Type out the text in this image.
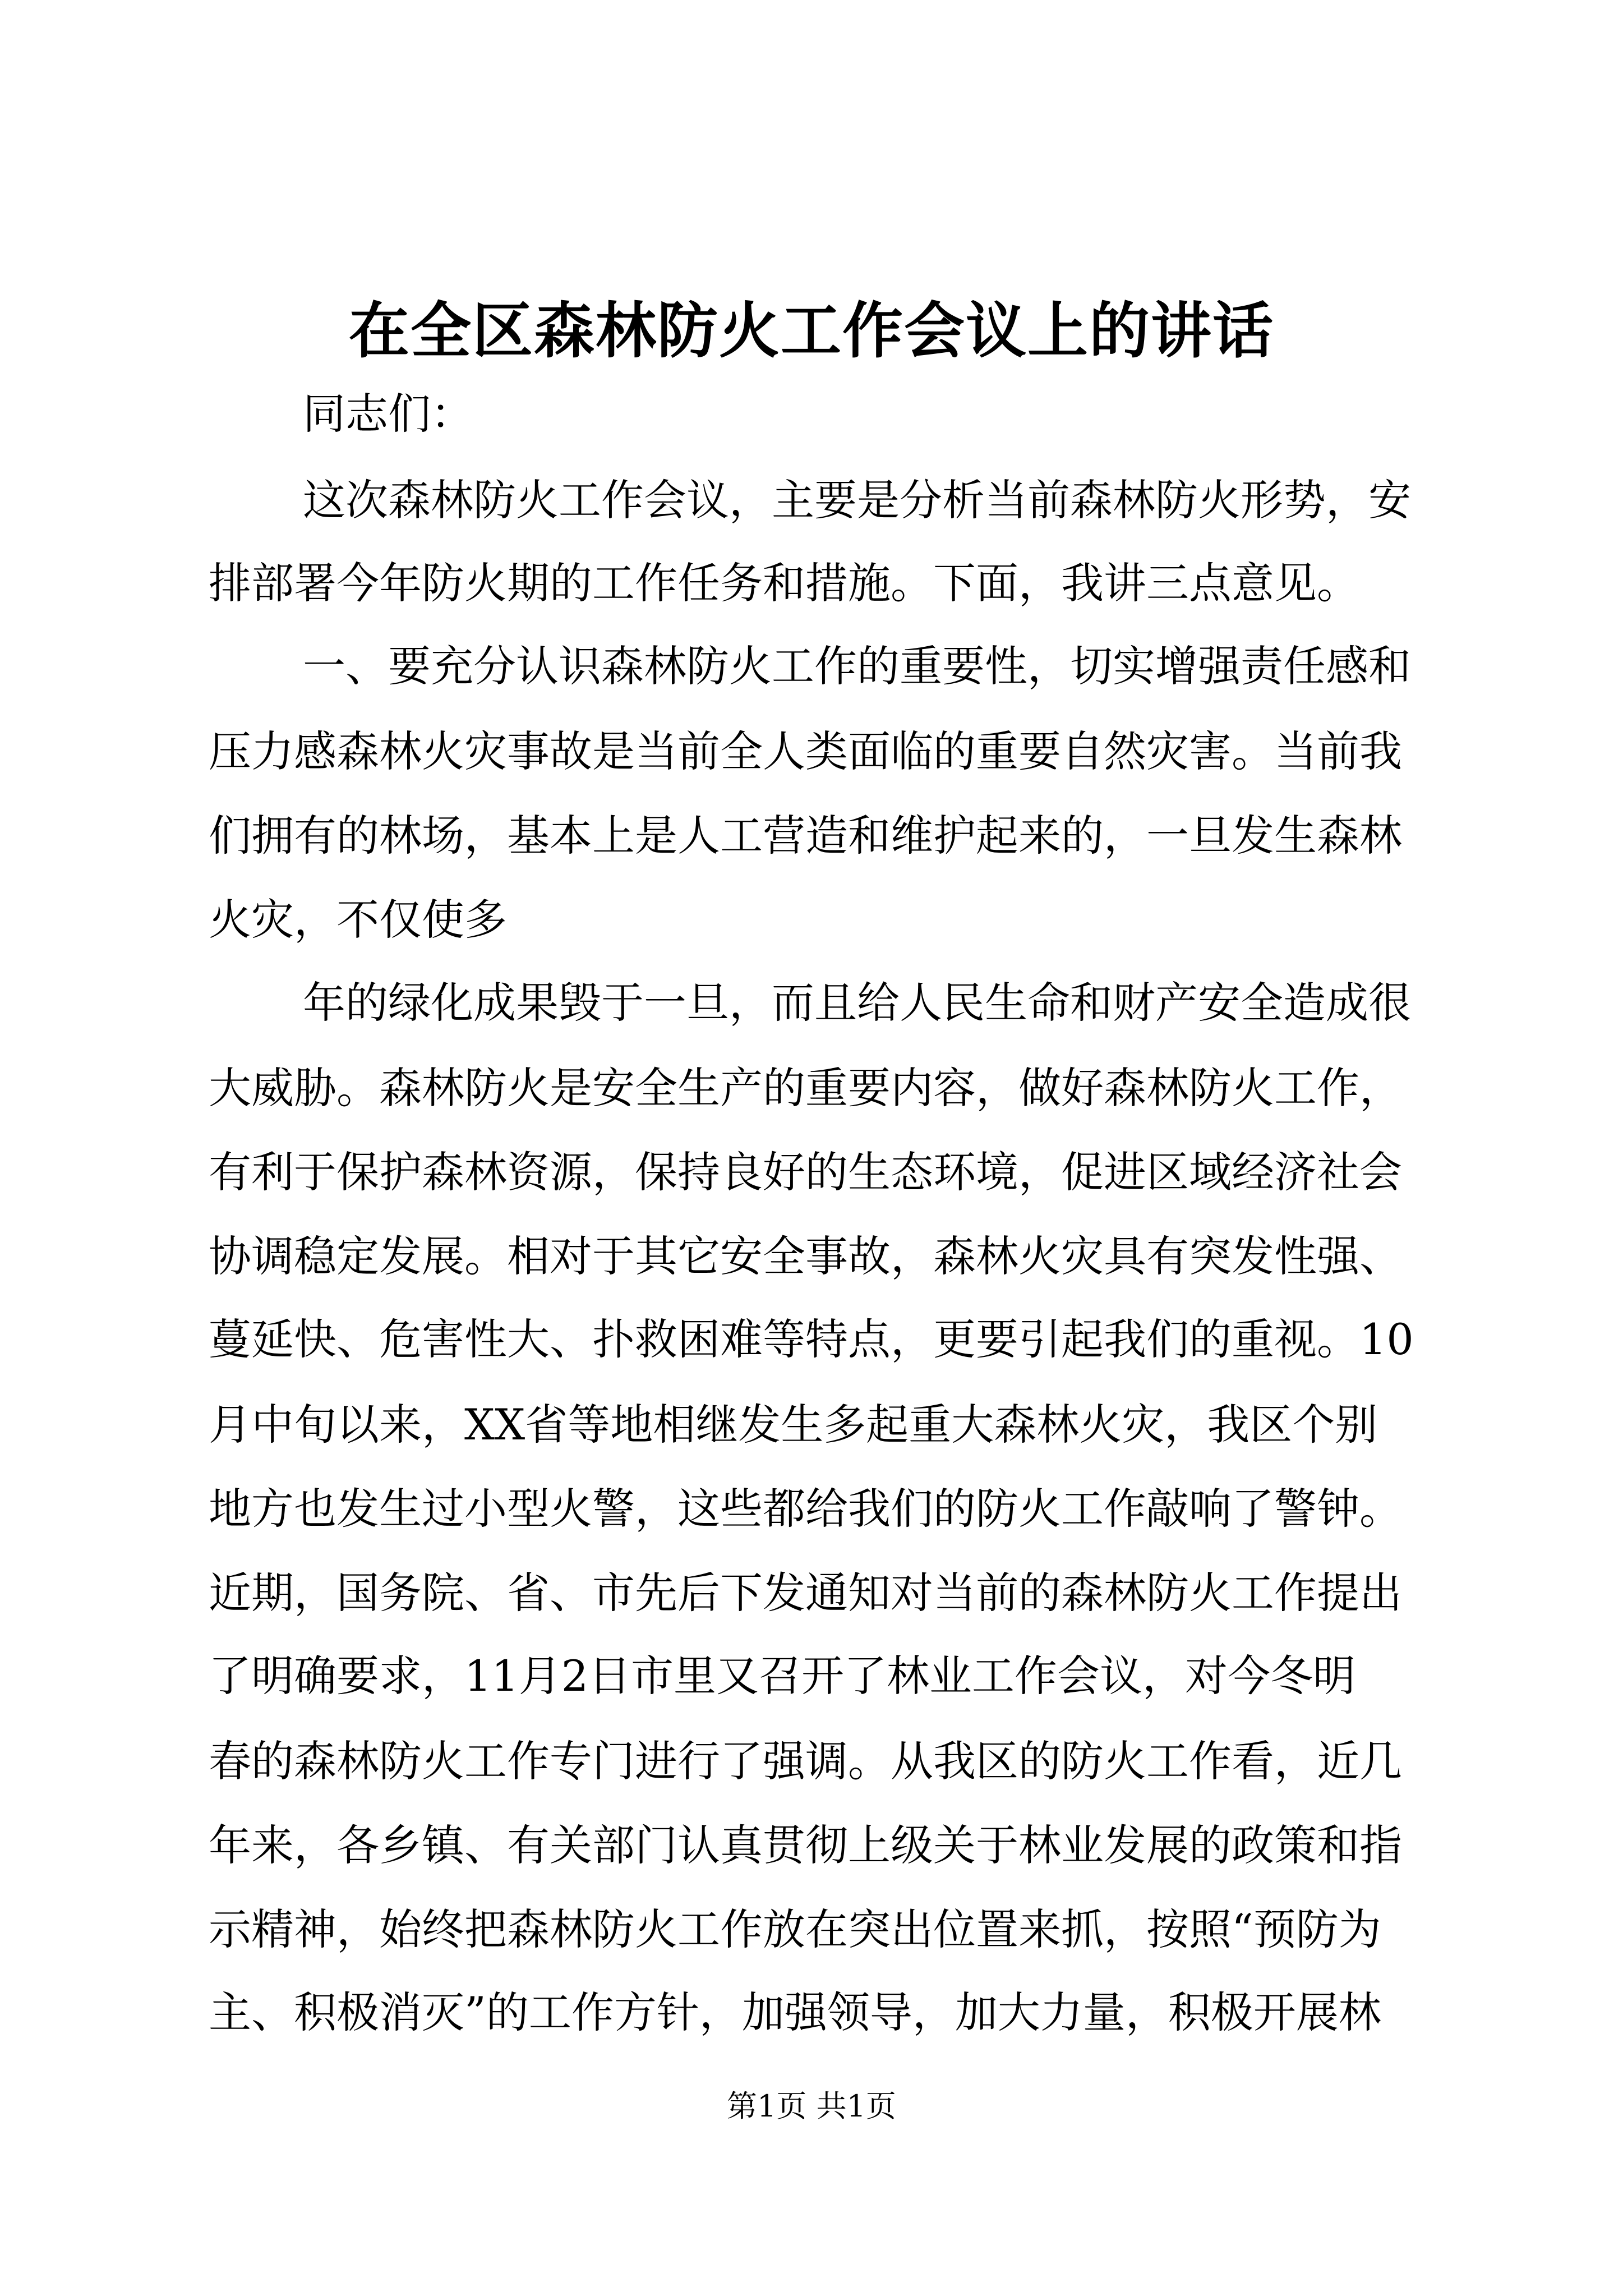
在全区森林防火工作会议上的讲话
同志们：
这次森林防火工作会议，主要是分析当前森林防火形势，安
排部署今年防火期的工作任务和措施。下面，我讲三点意见。
一、要充分认识森林防火工作的重要性，切实增强责任感和
压力感森林火灾事故是当前全人类面临的重要自然灾害。当前我
们拥有的林场，基本上是人工营造和维护起来的，一旦发生森林
火灾，不仅使多
年的绿化成果毁于一旦，而且给人民生命和财产安全造成很
大威胁。森林防火是安全生产的重要内容，做好森林防火工作，
有利于保护森林资源，保持良好的生态环境，促进区域经济社会
协调稳定发展。相对于其它安全事故，森林火灾具有突发性强、
蔓延快、危害性大、扑救困难等特点，更要引起我们的重视。10
月中旬以来，XX省等地相继发生多起重大森林火灾，我区个别
地方也发生过小型火警，这些都给我们的防火工作敲响了警钟。
近期，国务院、省、市先后下发通知对当前的森林防火工作提出
了明确要求，11月2日市里又召开了林业工作会议，对今冬明
春的森林防火工作专门进行了强调。从我区的防火工作看，近几
年来，各乡镇、有关部门认真贯彻上级关于林业发展的政策和指
示精神，始终把森林防火工作放在突出位置来抓，按照“预防为
主、积极消灭”的工作方针，加强领导，加大力量，积极开展林
第1页 共1页
